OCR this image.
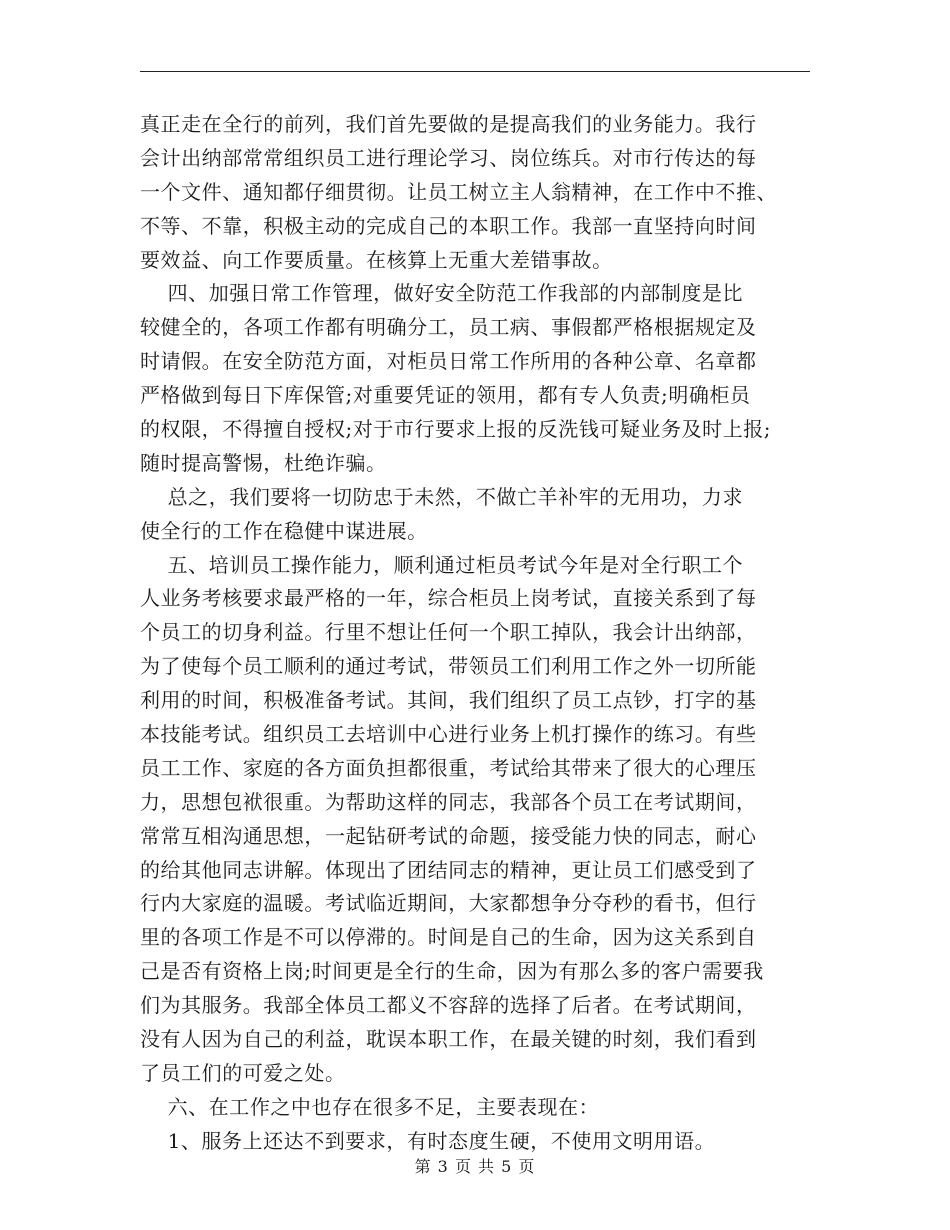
真正走在全行的前列，我们首先要做的是提高我们的业务能力。我行
会计出纳部常常组织员工进行理论学习、岗位练兵。对市行传达的每
一个文件、通知都仔细贯彻。让员工树立主人翁精神，在工作中不推、
不等、不靠，积极主动的完成自己的本职工作。我部一直坚持向时间
要效益、向工作要质量。在核算上无重大差错事故。
四、加强日常工作管理，做好安全防范工作我部的内部制度是比
较健全的，各项工作都有明确分工，员工病、事假都严格根据规定及
时请假。在安全防范方面，对柜员日常工作所用的各种公章、名章都
严格做到每日下库保管;对重要凭证的领用，都有专人负责;明确柜员
的权限，不得擅自授权;对于市行要求上报的反洗钱可疑业务及时上报;
随时提高警惕，杜绝诈骗。
总之，我们要将一切防忠于未然，不做亡羊补牢的无用功，力求
使全行的工作在稳健中谋进展。
五、培训员工操作能力，顺利通过柜员考试今年是对全行职工个
人业务考核要求最严格的一年，综合柜员上岗考试，直接关系到了每
个员工的切身利益。行里不想让任何一个职工掉队，我会计出纳部，
为了使每个员工顺利的通过考试，带领员工们利用工作之外一切所能
利用的时间，积极准备考试。其间，我们组织了员工点钞，打字的基
本技能考试。组织员工去培训中心进行业务上机打操作的练习。有些
员工工作、家庭的各方面负担都很重，考试给其带来了很大的心理压
力，思想包袱很重。为帮助这样的同志，我部各个员工在考试期间，
常常互相沟通思想，一起钻研考试的命题，接受能力快的同志，耐心
的给其他同志讲解。体现出了团结同志的精神，更让员工们感受到了
行内大家庭的温暖。考试临近期间，大家都想争分夺秒的看书，但行
里的各项工作是不可以停滞的。时间是自己的生命，因为这关系到自
己是否有资格上岗;时间更是全行的生命，因为有那么多的客户需要我
们为其服务。我部全体员工都义不容辞的选择了后者。在考试期间，
没有人因为自己的利益，耽误本职工作，在最关键的时刻，我们看到
了员工们的可爱之处。
六、在工作之中也存在很多不足，主要表现在：
1、服务上还达不到要求，有时态度生硬，不使用文明用语。
第 3 页 共 5 页
